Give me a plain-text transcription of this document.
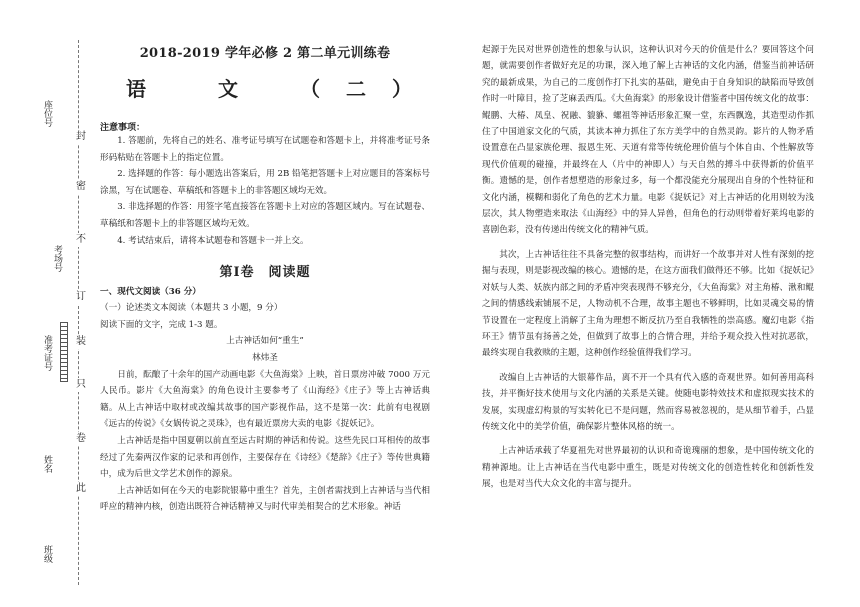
座位号
考场号
准考证号
姓名
班级
封
密
不
订
装
只
卷
此
2018-2019 学年必修 2 第二单元训练卷
语　文　（二）
注意事项：

1. 答题前，先将自己的姓名、准考证号填写在试题卷和答题卡上，并将准考证号条形码粘贴在答题卡上的指定位置。

2. 选择题的作答：每小题选出答案后，用 2B 铅笔把答题卡上对应题目的答案标号涂黑，写在试题卷、草稿纸和答题卡上的非答题区域均无效。

3. 非选择题的作答：用签字笔直接答在答题卡上对应的答题区域内。写在试题卷、草稿纸和答题卡上的非答题区域均无效。

4. 考试结束后，请将本试题卷和答题卡一并上交。

第Ⅰ卷　阅读题
一、现代文阅读（36 分）

（一）论述类文本阅读（本题共 3 小题，9 分）

阅读下面的文字，完成 1-3 题。

上古神话如何“重生”

林炜圣

日前，酝酿了十余年的国产动画电影《大鱼海棠》上映，首日票房冲破 7000 万元人民币。影片《大鱼海棠》的角色设计主要参考了《山海经》《庄子》等上古神话典籍。从上古神话中取材或改编其故事的国产影视作品，这不是第一次：此前有电视剧《远古的传说》《女娲传说之灵珠》，也有最近票房大卖的电影《捉妖记》。

上古神话是指中国夏朝以前直至远古时期的神话和传说。这些先民口耳相传的故事经过了先秦两汉作家的记录和再创作，主要保存在《诗经》《楚辞》《庄子》等传世典籍中，成为后世文学艺术创作的源泉。

上古神话如何在今天的电影院银幕中重生？首先，主创者需找到上古神话与当代相呼应的精神内核，创造出既符合神话精神又与时代审美相契合的艺术形象。神话

起源于先民对世界创造性的想象与认识，这种认识对今天的价值是什么？要回答这个问题，就需要创作者做好充足的功课，深入地了解上古神话的文化内涵，借鉴当前神话研究的最新成果，为自己的二度创作打下扎实的基础，避免由于自身知识的缺陷而导致创作时一叶障目，捡了芝麻丢西瓜。《大鱼海棠》的形象设计借鉴者中国传统文化的故事：鲲鹏、大椿、凤皇、祝融、貔貅、螺祖等神话形象汇聚一堂，东西飘逸，其造型动作抓住了中国道家文化的气质，其读本神力抓住了东方美学中的自然灵韵。影片的人物矛盾设置意在凸显家族伦理、报恩生死、天道有常等传统伦理价值与个体自由、个性解放等现代价值观的碰撞，并最终在人（片中的神即人）与天自然的搏斗中获得新的价值平衡。遗憾的是，创作者想塑造的形象过多，每一个都没能充分展现出自身的个性特征和文化内涵，模糊和弱化了角色的艺术力量。电影《捉妖记》对上古神话的化用则较为浅层次，其人物塑造来取法《山海经》中的异人异兽，但角色的行动则带着好莱坞电影的喜剧色彩，没有传递出传统文化的精神气质。

其次，上古神话往往不具备完整的叙事结构，而讲好一个故事并对人性有深刻的挖掘与表现，则是影视改编的核心。遗憾的是，在这方面我们做得还不够。比如《捉妖记》对妖与人类、妖族内部之间的矛盾冲突表现得不够充分，《大鱼海棠》对主角椿、湫和鲲之间的情感线索铺展不足，人物动机不合理，故事主题也不够鲜明，比如灵魂交易的情节设置在一定程度上消解了主角为理想不断反抗乃至自我牺牲的崇高感。魔幻电影《指环王》情节虽有扬善之处，但做到了故事上的合情合理，并给予观众投入性对抗恶欲，最终实现自我救赎的主题，这种创作经验值得我们学习。

改编自上古神话的大银幕作品，离不开一个具有代入感的奇观世界。如何善用高科技，并平衡好技术使用与文化内涵的关系是关键。使随电影特效技术和虚拟现实技术的发展，实现虚幻构景的写实转化已不是问题，然而容易被忽视的，是从细节着手，凸显传统文化中的美学价值，确保影片整体风格的统一。

上古神话承载了华夏祖先对世界最初的认识和奇诡瑰丽的想象，是中国传统文化的精神源地。让上古神话在当代电影中重生，既是对传统文化的创造性转化和创新性发展，也是对当代大众文化的丰富与提升。
